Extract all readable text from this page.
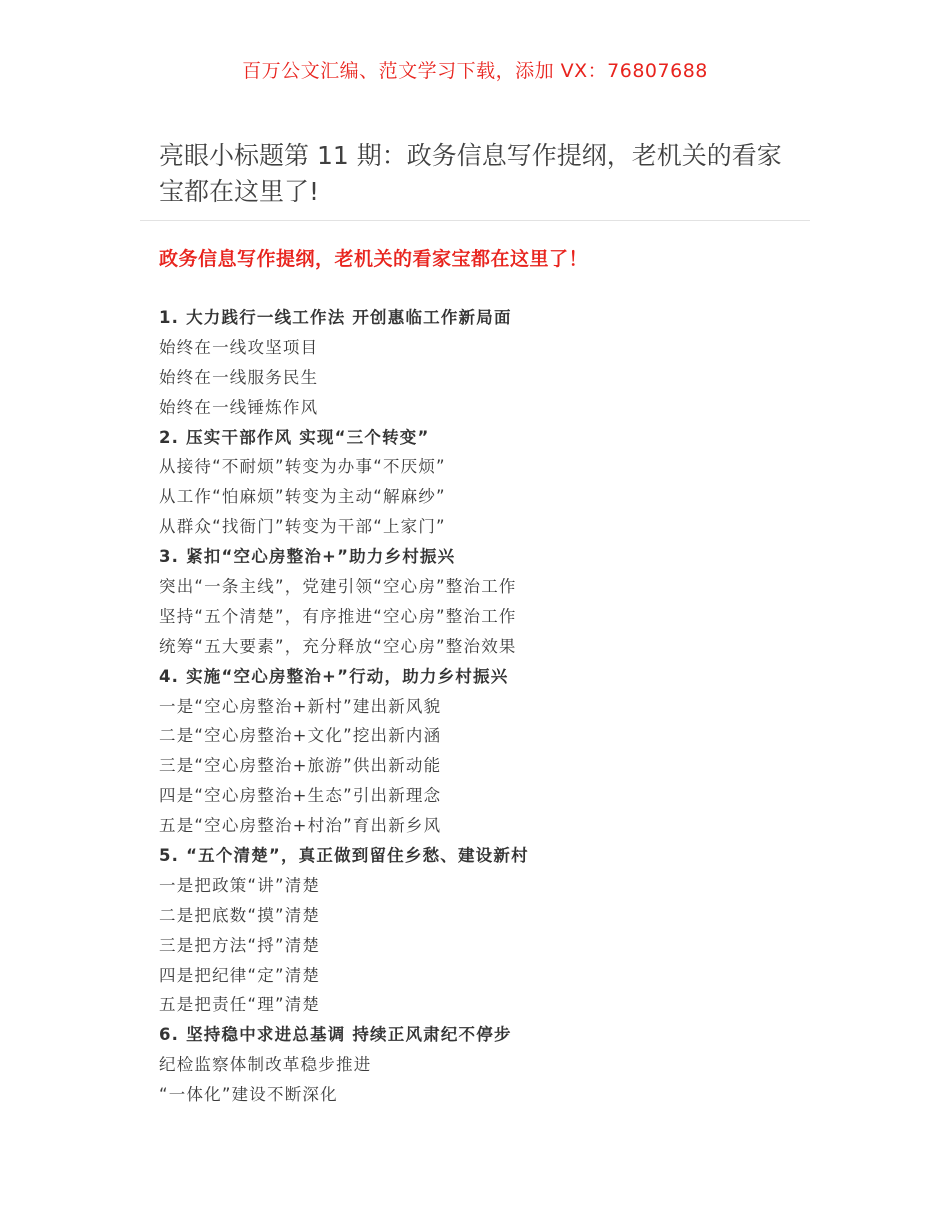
百万公文汇编、范文学习下载，添加 VX：76807688
亮眼小标题第 11 期：政务信息写作提纲，老机关的看家宝都在这里了!
政务信息写作提纲，老机关的看家宝都在这里了！
1. 大力践行一线工作法 开创惠临工作新局面
始终在一线攻坚项目
始终在一线服务民生
始终在一线锤炼作风
2. 压实干部作风 实现“三个转变”
从接待“不耐烦”转变为办事“不厌烦”
从工作“怕麻烦”转变为主动“解麻纱”
从群众“找衙门”转变为干部“上家门”
3. 紧扣“空心房整治+”助力乡村振兴
突出“一条主线”，党建引领“空心房”整治工作
坚持“五个清楚”，有序推进“空心房”整治工作
统筹“五大要素”，充分释放“空心房”整治效果
4. 实施“空心房整治+”行动，助力乡村振兴
一是“空心房整治+新村”建出新风貌
二是“空心房整治+文化”挖出新内涵
三是“空心房整治+旅游”供出新动能
四是“空心房整治+生态”引出新理念
五是“空心房整治+村治”育出新乡风
5. “五个清楚”，真正做到留住乡愁、建设新村
一是把政策“讲”清楚
二是把底数“摸”清楚
三是把方法“捋”清楚
四是把纪律“定”清楚
五是把责任“理”清楚
6. 坚持稳中求进总基调 持续正风肃纪不停步
纪检监察体制改革稳步推进
“一体化”建设不断深化
